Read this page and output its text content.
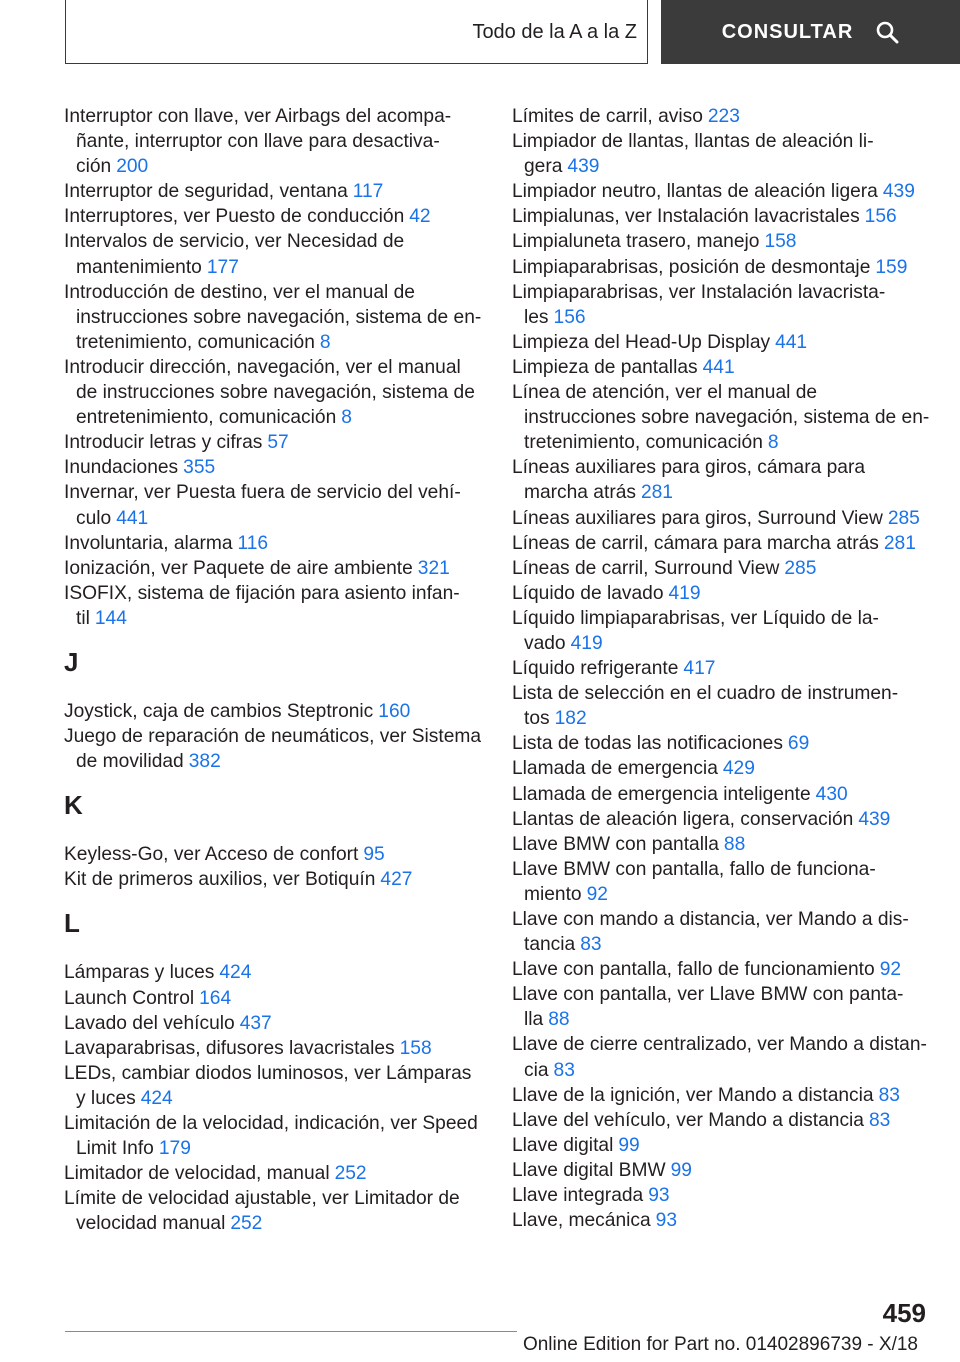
Todo de la A a la Z	CONSULTAR
Interruptor con llave, ver Airbags del acompañante, interruptor con llave para desactivación 200
Interruptor de seguridad, ventana 117
Interruptores, ver Puesto de conducción 42
Intervalos de servicio, ver Necesidad de mantenimiento 177
Introducción de destino, ver el manual de instrucciones sobre navegación, sistema de entretenimiento, comunicación 8
Introducir dirección, navegación, ver el manual de instrucciones sobre navegación, sistema de entretenimiento, comunicación 8
Introducir letras y cifras 57
Inundaciones 355
Invernar, ver Puesta fuera de servicio del vehículo 441
Involuntaria, alarma 116
Ionización, ver Paquete de aire ambiente 321
ISOFIX, sistema de fijación para asiento infantil 144
J
Joystick, caja de cambios Steptronic 160
Juego de reparación de neumáticos, ver Sistema de movilidad 382
K
Keyless-Go, ver Acceso de confort 95
Kit de primeros auxilios, ver Botiquín 427
L
Lámparas y luces 424
Launch Control 164
Lavado del vehículo 437
Lavaparabrisas, difusores lavacristales 158
LEDs, cambiar diodos luminosos, ver Lámparas y luces 424
Limitación de la velocidad, indicación, ver Speed Limit Info 179
Limitador de velocidad, manual 252
Límite de velocidad ajustable, ver Limitador de velocidad manual 252
Límites de carril, aviso 223
Limpiador de llantas, llantas de aleación ligera 439
Limpiador neutro, llantas de aleación ligera 439
Limpialunas, ver Instalación lavacristales 156
Limpialuneta trasero, manejo 158
Limpiaparabrisas, posición de desmontaje 159
Limpiaparabrisas, ver Instalación lavacristales 156
Limpieza del Head-Up Display 441
Limpieza de pantallas 441
Línea de atención, ver el manual de instrucciones sobre navegación, sistema de entretenimiento, comunicación 8
Líneas auxiliares para giros, cámara para marcha atrás 281
Líneas auxiliares para giros, Surround View 285
Líneas de carril, cámara para marcha atrás 281
Líneas de carril, Surround View 285
Líquido de lavado 419
Líquido limpiaparabrisas, ver Líquido de lavado 419
Líquido refrigerante 417
Lista de selección en el cuadro de instrumentos 182
Lista de todas las notificaciones 69
Llamada de emergencia 429
Llamada de emergencia inteligente 430
Llantas de aleación ligera, conservación 439
Llave BMW con pantalla 88
Llave BMW con pantalla, fallo de funcionamiento 92
Llave con mando a distancia, ver Mando a distancia 83
Llave con pantalla, fallo de funcionamiento 92
Llave con pantalla, ver Llave BMW con pantalla 88
Llave de cierre centralizado, ver Mando a distancia 83
Llave de la ignición, ver Mando a distancia 83
Llave del vehículo, ver Mando a distancia 83
Llave digital 99
Llave digital BMW 99
Llave integrada 93
Llave, mecánica 93
459
Online Edition for Part no. 01402896739 - X/18
